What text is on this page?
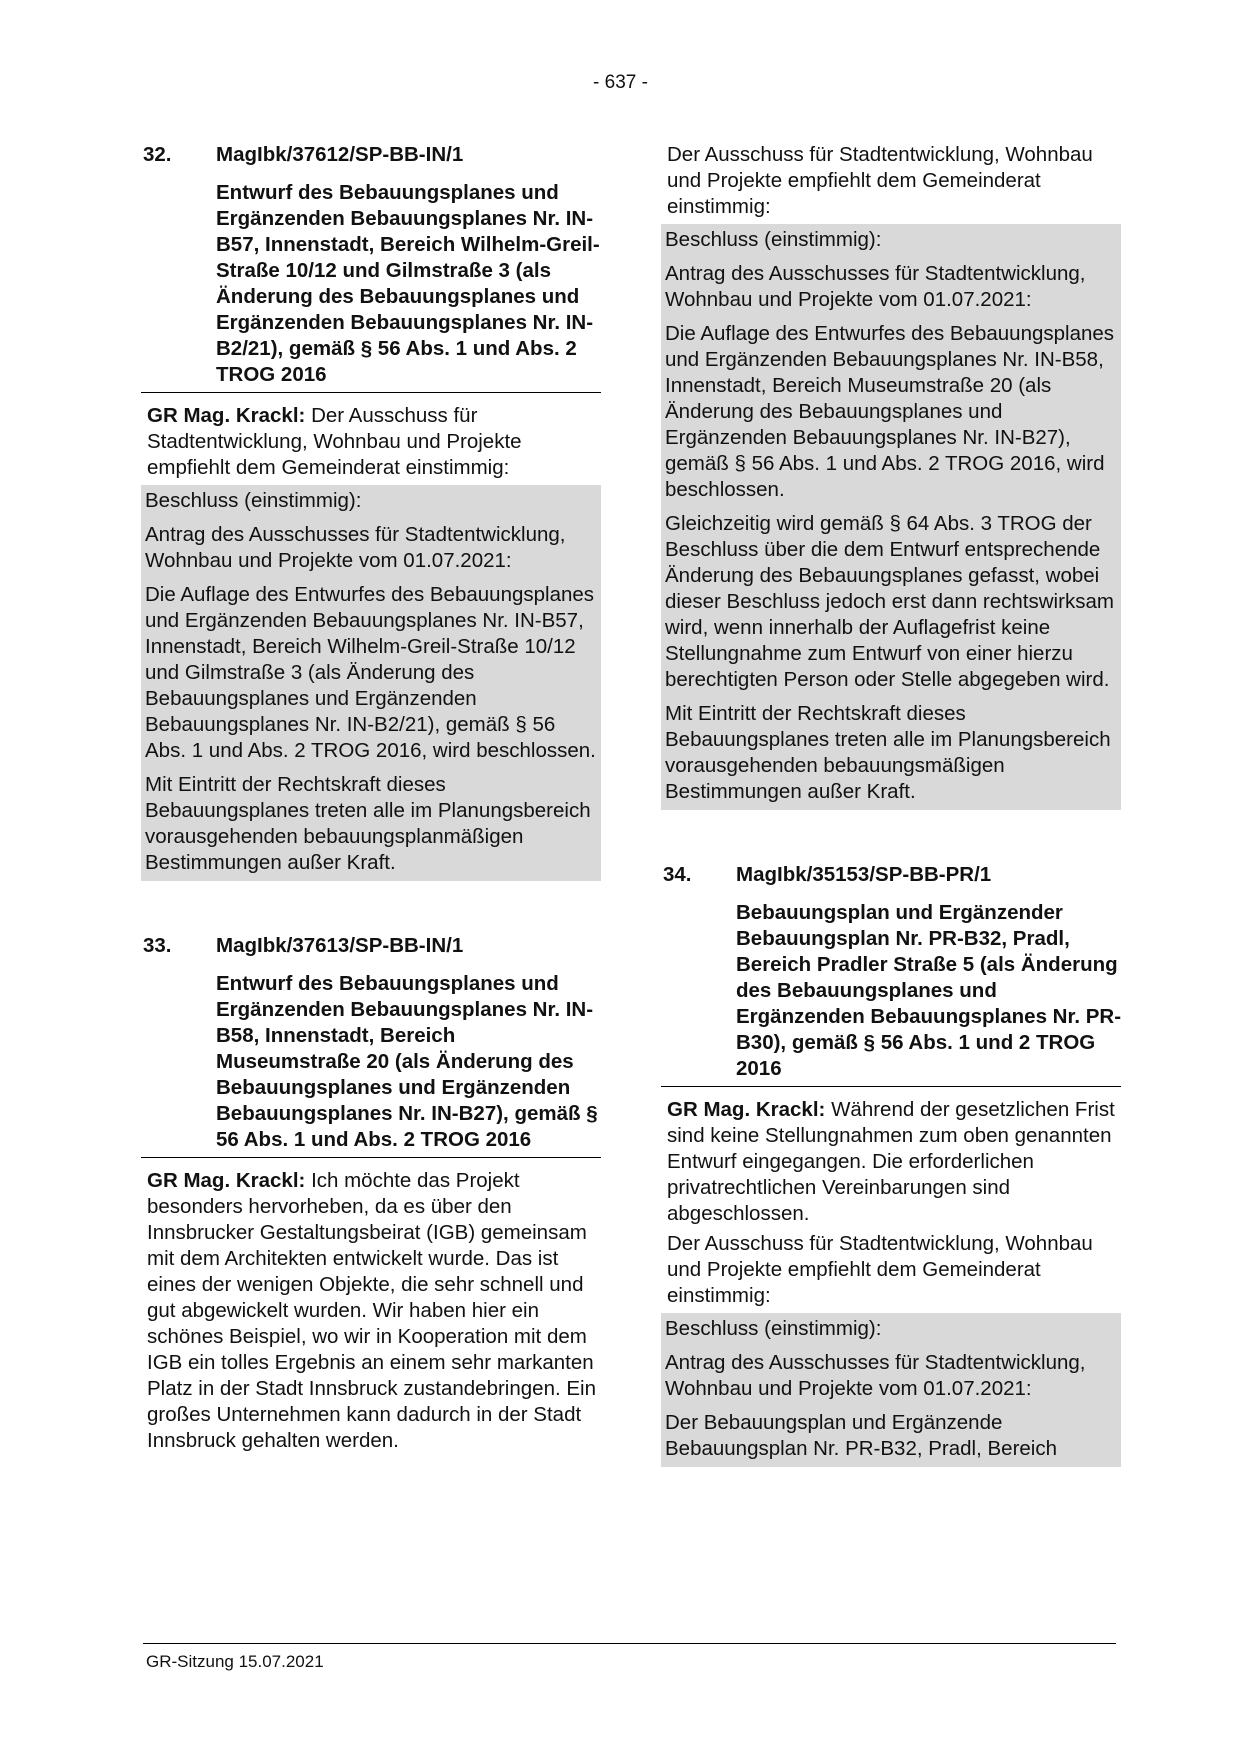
- 637 -
32.	MagIbk/37612/SP-BB-IN/1
Entwurf des Bebauungsplanes und Ergänzenden Bebauungsplanes Nr. IN-B57, Innenstadt, Bereich Wilhelm-Greil-Straße 10/12 und Gilmstraße 3 (als Änderung des Bebauungsplanes und Ergänzenden Bebauungsplanes Nr. IN-B2/21), gemäß § 56 Abs. 1 und Abs. 2 TROG 2016

GR Mag. Krackl: Der Ausschuss für Stadtentwicklung, Wohnbau und Projekte empfiehlt dem Gemeinderat einstimmig:

Beschluss (einstimmig):

Antrag des Ausschusses für Stadtentwicklung, Wohnbau und Projekte vom 01.07.2021:

Die Auflage des Entwurfes des Bebauungsplanes und Ergänzenden Bebauungsplanes Nr. IN-B57, Innenstadt, Bereich Wilhelm-Greil-Straße 10/12 und Gilmstraße 3 (als Änderung des Bebauungsplanes und Ergänzenden Bebauungsplanes Nr. IN-B2/21), gemäß § 56 Abs. 1 und Abs. 2 TROG 2016, wird beschlossen.

Mit Eintritt der Rechtskraft dieses Bebauungsplanes treten alle im Planungsbereich vorausgehenden bebauungsplanmäßigen Bestimmungen außer Kraft.

33.	MagIbk/37613/SP-BB-IN/1
Entwurf des Bebauungsplanes und Ergänzenden Bebauungsplanes Nr. IN-B58, Innenstadt, Bereich Museumstraße 20 (als Änderung des Bebauungsplanes und Ergänzenden Bebauungsplanes Nr. IN-B27), gemäß § 56 Abs. 1 und Abs. 2 TROG 2016

GR Mag. Krackl: Ich möchte das Projekt besonders hervorheben, da es über den Innsbrucker Gestaltungsbeirat (IGB) gemeinsam mit dem Architekten entwickelt wurde. Das ist eines der wenigen Objekte, die sehr schnell und gut abgewickelt wurden. Wir haben hier ein schönes Beispiel, wo wir in Kooperation mit dem IGB ein tolles Ergebnis an einem sehr markanten Platz in der Stadt Innsbruck zustandebringen. Ein großes Unternehmen kann dadurch in der Stadt Innsbruck gehalten werden.

Der Ausschuss für Stadtentwicklung, Wohnbau und Projekte empfiehlt dem Gemeinderat einstimmig:

Beschluss (einstimmig):

Antrag des Ausschusses für Stadtentwicklung, Wohnbau und Projekte vom 01.07.2021:

Die Auflage des Entwurfes des Bebauungsplanes und Ergänzenden Bebauungsplanes Nr. IN-B58, Innenstadt, Bereich Museumstraße 20 (als Änderung des Bebauungsplanes und Ergänzenden Bebauungsplanes Nr. IN-B27), gemäß § 56 Abs. 1 und Abs. 2 TROG 2016, wird beschlossen.

Gleichzeitig wird gemäß § 64 Abs. 3 TROG der Beschluss über die dem Entwurf entsprechende Änderung des Bebauungsplanes gefasst, wobei dieser Beschluss jedoch erst dann rechtswirksam wird, wenn innerhalb der Auflagefrist keine Stellungnahme zum Entwurf von einer hierzu berechtigten Person oder Stelle abgegeben wird.

Mit Eintritt der Rechtskraft dieses Bebauungsplanes treten alle im Planungsbereich vorausgehenden bebauungsmäßigen Bestimmungen außer Kraft.

34.	MagIbk/35153/SP-BB-PR/1
Bebauungsplan und Ergänzender Bebauungsplan Nr. PR-B32, Pradl, Bereich Pradler Straße 5 (als Änderung des Bebauungsplanes und Ergänzenden Bebauungsplanes Nr. PR-B30), gemäß § 56 Abs. 1 und 2 TROG 2016

GR Mag. Krackl: Während der gesetzlichen Frist sind keine Stellungnahmen zum oben genannten Entwurf eingegangen. Die erforderlichen privatrechtlichen Vereinbarungen sind abgeschlossen.

Der Ausschuss für Stadtentwicklung, Wohnbau und Projekte empfiehlt dem Gemeinderat einstimmig:

Beschluss (einstimmig):

Antrag des Ausschusses für Stadtentwicklung, Wohnbau und Projekte vom 01.07.2021:

Der Bebauungsplan und Ergänzende Bebauungsplan Nr. PR-B32, Pradl, Bereich

GR-Sitzung 15.07.2021
